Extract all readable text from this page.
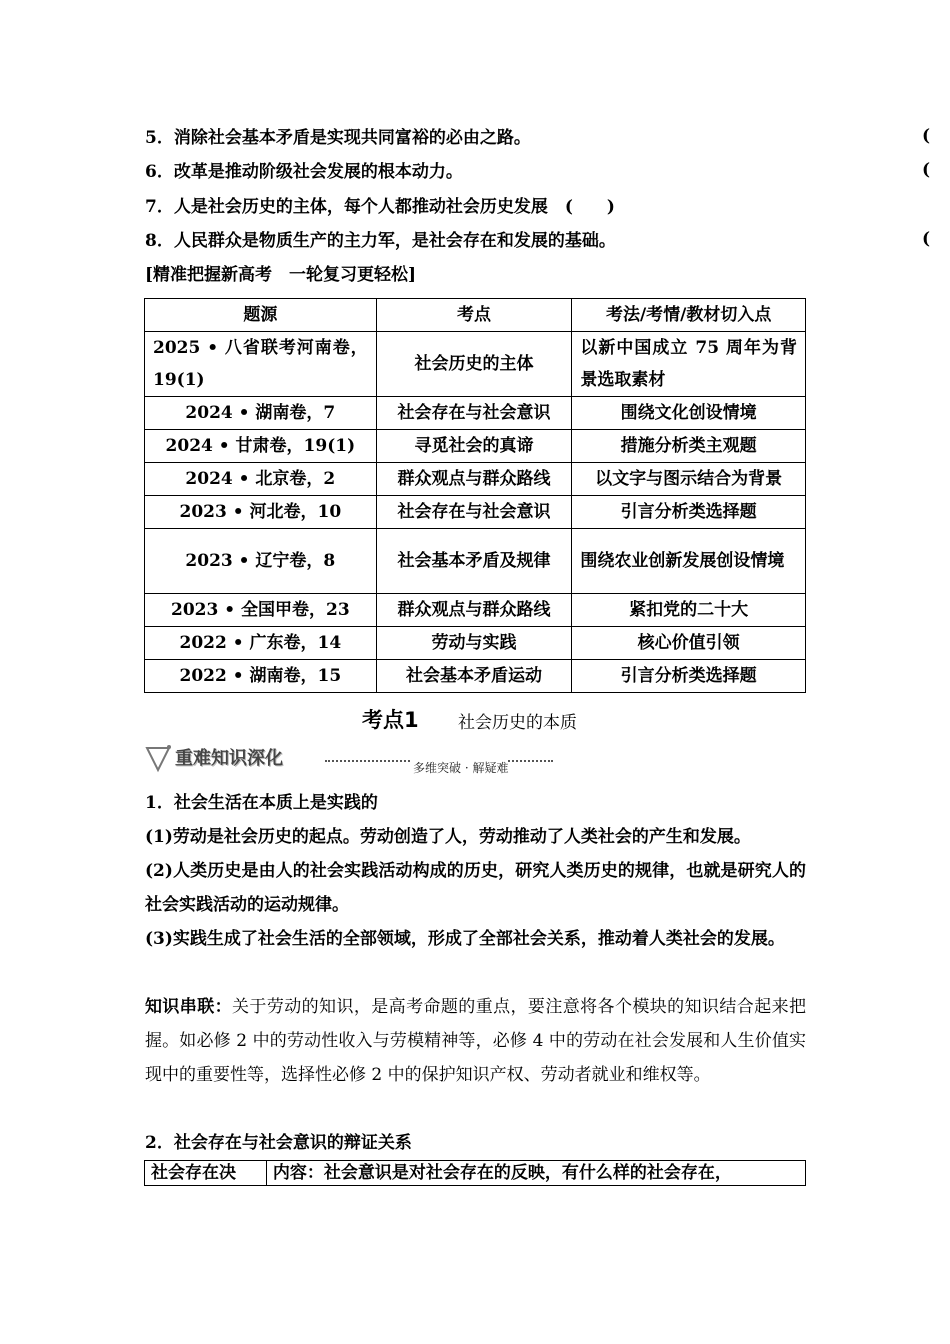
5．消除社会基本矛盾是实现共同富裕的必由之路。	(
6．改革是推动阶级社会发展的根本动力。	(
7．人是社会历史的主体，每个人都推动社会历史发展　(　　)
8．人民群众是物质生产的主力军，是社会存在和发展的基础。	(
[精准把握新高考　一轮复习更轻松]
题源	考点	考法/考情/教材切入点
2025 • 八省联考河南卷，19(1)	社会历史的主体	以新中国成立 75 周年为背景选取素材
2024 • 湖南卷，7	社会存在与社会意识	围绕文化创设情境
2024 • 甘肃卷，19(1)	寻觅社会的真谛	措施分析类主观题
2024 • 北京卷，2	群众观点与群众路线	以文字与图示结合为背景
2023 • 河北卷，10	社会存在与社会意识	引言分析类选择题
2023 • 辽宁卷，8	社会基本矛盾及规律	围绕农业创新发展创设情境
2023 • 全国甲卷，23	群众观点与群众路线	紧扣党的二十大
2022 • 广东卷，14	劳动与实践	核心价值引领
2022 • 湖南卷，15	社会基本矛盾运动	引言分析类选择题
考点1 社会历史的本质
重难知识深化	多维突破 · 解疑难
1．社会生活在本质上是实践的
(1)劳动是社会历史的起点。劳动创造了人，劳动推动了人类社会的产生和发展。
(2)人类历史是由人的社会实践活动构成的历史，研究人类历史的规律，也就是研究人的社会实践活动的运动规律。
(3)实践生成了社会生活的全部领域，形成了全部社会关系，推动着人类社会的发展。
知识串联：关于劳动的知识，是高考命题的重点，要注意将各个模块的知识结合起来把握。如必修 2 中的劳动性收入与劳模精神等，必修 4 中的劳动在社会发展和人生价值实现中的重要性等，选择性必修 2 中的保护知识产权、劳动者就业和维权等。
2．社会存在与社会意识的辩证关系
社会存在决	内容：社会意识是对社会存在的反映，有什么样的社会存在，
